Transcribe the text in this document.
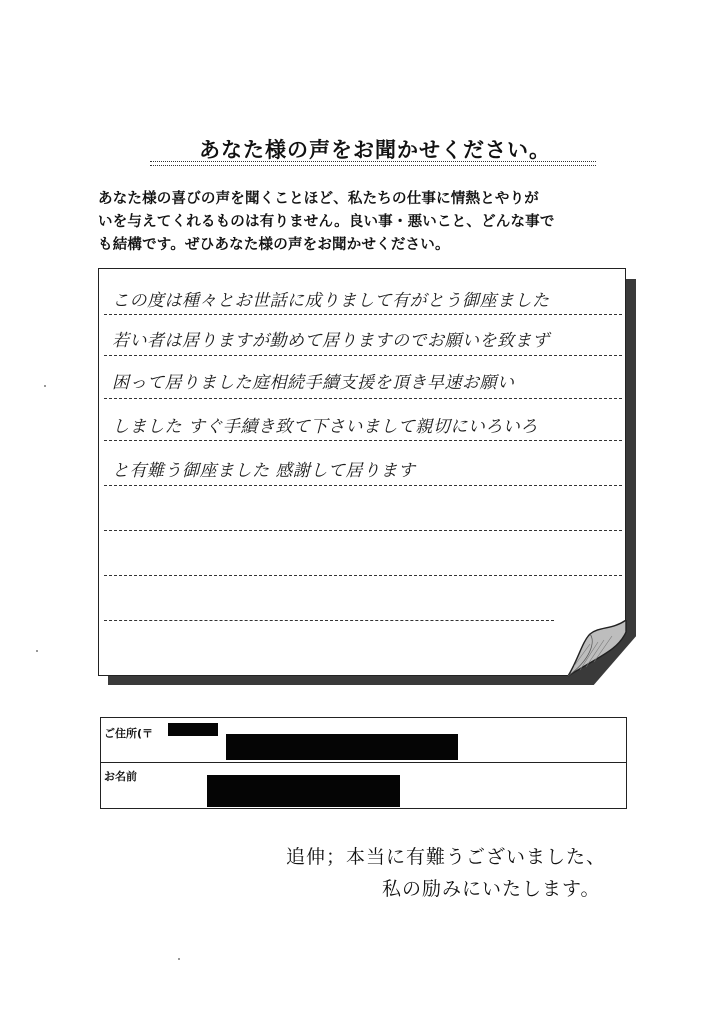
あなた様の声をお聞かせください。
あなた様の喜びの声を聞くことほど、私たちの仕事に情熱とやりが
いを与えてくれるものは有りません。良い事・悪いこと、どんな事で
も結構です。ぜひあなた様の声をお聞かせください。
この度は種々とお世話に成りまして有がとう御座ました
若い者は居りますが勤めて居りますのでお願いを致まず
困って居りました庭相続手續支援を頂き早速お願い
しました すぐ手續き致て下さいまして親切にいろいろ
と有難う御座ました 感謝して居ります
ご住所(〒
お名前
追伸；本当に有難うございました、
私の励みにいたします。
